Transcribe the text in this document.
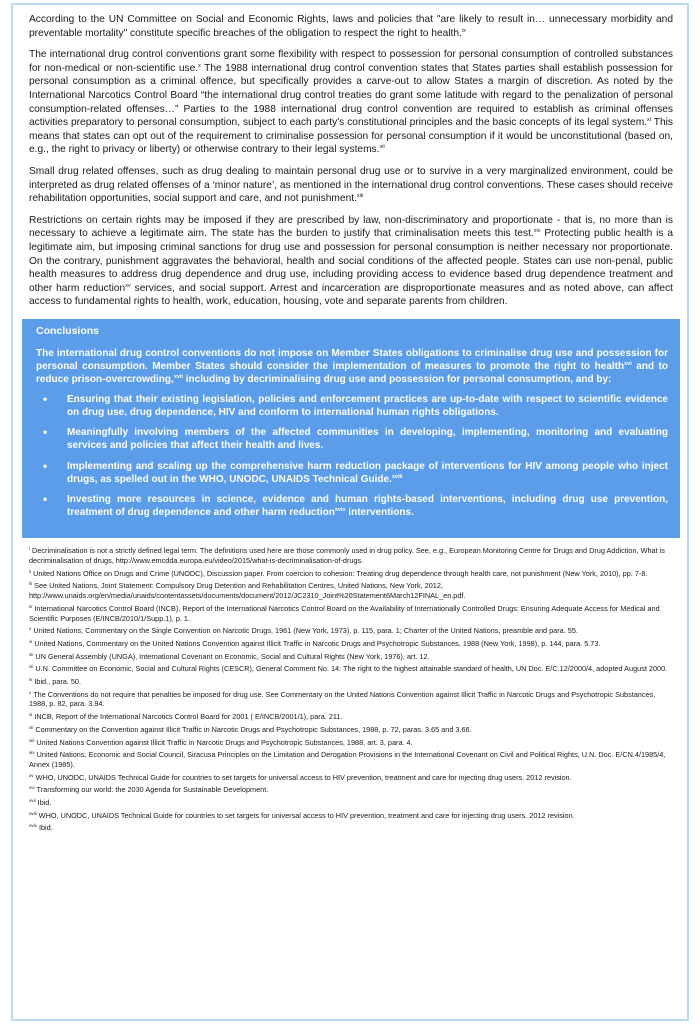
According to the UN Committee on Social and Economic Rights, laws and policies that "are likely to result in… unnecessary morbidity and preventable mortality" constitute specific breaches of the obligation to respect the right to health.$^{ix}$

The international drug control conventions grant some flexibility with respect to possession for personal consumption of controlled substances for non-medical or non-scientific use.$^x$ The 1988 international drug control convention states that States parties shall establish possession for personal consumption as a criminal offence, but specifically provides a carve-out to allow States a margin of discretion. As noted by the International Narcotics Control Board “the international drug control treaties do grant some latitude with regard to the penalization of personal consumption-related offenses…” Parties to the 1988 international drug control convention are required to establish as criminal offenses activities preparatory to personal consumption, subject to each party's constitutional principles and the basic concepts of its legal system.$^{xi}$ This means that states can opt out of the requirement to criminalise possession for personal consumption if it would be unconstitutional (based on, e.g., the right to privacy or liberty) or otherwise contrary to their legal systems.$^{xii}$

Small drug related offenses, such as drug dealing to maintain personal drug use or to survive in a very marginalized environment, could be interpreted as drug related offenses of a ‘minor nature’, as mentioned in the international drug control conventions. These cases should receive rehabilitation opportunities, social support and care, and not punishment.$^{xiii}$

Restrictions on certain rights may be imposed if they are prescribed by law, non-discriminatory and proportionate - that is, no more than is necessary to achieve a legitimate aim. The state has the burden to justify that criminalisation meets this test.$^{xiv}$ Protecting public health is a legitimate aim, but imposing criminal sanctions for drug use and possession for personal consumption is neither necessary nor proportionate. On the contrary, punishment aggravates the behavioral, health and social conditions of the affected people. States can use non-penal, public health measures to address drug dependence and drug use, including providing access to evidence based drug dependence treatment and other harm reduction$^{xv}$ services, and social support. Arrest and incarceration are disproportionate measures and as noted above, can affect access to fundamental rights to health, work, education, housing, vote and separate parents from children.

Conclusions
The international drug control conventions do not impose on Member States obligations to criminalise drug use and possession for personal consumption. Member States should consider the implementation of measures to promote the right to health$^{xvi}$ and to reduce prison-overcrowding,$^{xvii}$ including by decriminalising drug use and possession for personal consumption, and by:
• Ensuring that their existing legislation, policies and enforcement practices are up-to-date with respect to scientific evidence on drug use, drug dependence, HIV and conform to international human rights obligations.
• Meaningfully involving members of the affected communities in developing, implementing, monitoring and evaluating services and policies that affect their health and lives.
• Implementing and scaling up the comprehensive harm reduction package of interventions for HIV among people who inject drugs, as spelled out in the WHO, UNODC, UNAIDS Technical Guide.$^{xviii}$
• Investing more resources in science, evidence and human rights-based interventions, including drug use prevention, treatment of drug dependence and other harm reduction$^{xvix}$ interventions.
$^i$ Decriminalisation is not a strictly defined legal term. The definitions used here are those commonly used in drug policy. See, e.g., European Monitoring Centre for Drugs and Drug Addiction, What is decriminalisation of drugs, http://www.emcdda.europa.eu/video/2015/what-is-decriminalisation-of-drugs.
$^{ii}$ United Nations Office on Drugs and Crime (UNODC), Discussion paper. From coercion to cohesion: Treating drug dependence through health care, not punishment (New York, 2010), pp. 7-8.
$^{iii}$ See United Nations, Joint Statement: Compulsory Drug Detention and Rehabilitation Centres, United Nations, New York, 2012, http://www.unaids.org/en/media/unaids/contentassets/documents/document/2012/JC2310_Joint%20Statement6March12FINAL_en.pdf.
$^{iv}$ International Narcotics Control Board (INCB), Report of the International Narcotics Control Board on the Availability of Internationally Controlled Drugs: Ensuring Adequate Access for Medical and Scientific Purposes (E/INCB/2010/1/Supp.1), p. 1.
$^v$ United Nations, Commentary on the Single Convention on Narcotic Drugs, 1961 (New York, 1973), p. 115, para. 1; Charter of the United Nations, preamble and para. 55.
$^{vi}$ United Nations, Commentary on the United Nations Convention against Illicit Traffic in Narcotic Drugs and Psychotropic Substances, 1988 (New York, 1998), p. 144, para. 5.73.
$^{vii}$ UN General Assembly (UNGA), International Covenant on Economic, Social and Cultural Rights (New York, 1976), art. 12.
$^{vii}$ U.N. Committee on Economic, Social and Cultural Rights (CESCR), General Comment No. 14: The right to the highest attainable standard of health, UN Doc. E/C.12/2000/4, adopted August 2000.
$^{ix}$ Ibid., para. 50.
$^x$ The Conventions do not require that penalties be imposed for drug use. See Commentary on the United Nations Convention against Illicit Traffic in Narcotic Drugs and Psychotropic Substances, 1988, p. 82, para. 3.94.
$^{xi}$ INCB, Report of the International Narcotics Control Board for 2001 ( E/INCB/2001/1), para. 211.
$^{xii}$ Commentary on the Convention against Illicit Traffic in Narcotic Drugs and Psychotropic Substances, 1988, p. 72, paras. 3.65 and 3.66.
$^{xiii}$ United Nations Convention against Illicit Traffic in Narcotic Drugs and Psychotropic Substances, 1988, art. 3, para. 4.
$^{xiv}$ United Nations, Economic and Social Council, Siracusa Principles on the Limitation and Derogation Provisions in the International Covenant on Civil and Political Rights, U.N. Doc. E/CN.4/1985/4, Annex (1985).
$^{xv}$ WHO, UNODC, UNAIDS Technical Guide for countries to set targets for universal access to HIV prevention, treatment and care for injecting drug users. 2012 revision.
$^{xvi}$ Transforming our world: the 2030 Agenda for Sustainable Development.
$^{xvii}$ Ibid.
$^{xviii}$ WHO, UNODC, UNAIDS Technical Guide for countries to set targets for universal access to HIV prevention, treatment and care for injecting drug users. 2012 revision.
$^{xvix}$ Ibid.
